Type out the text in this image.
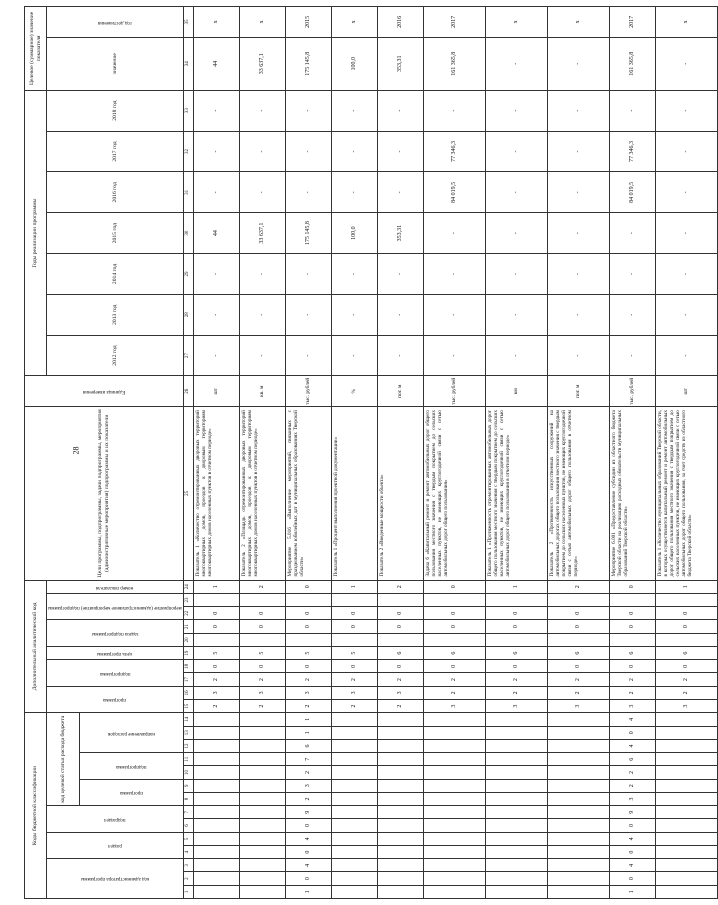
28
Коды бюджетной классификации														Дополнительный аналитический код										Цели программы, подпрограммы, задачи подпрограммы, мероприятия (административные мероприятия) подпрограммы и их показатели	Единица измерения	Годы реализации программы							Целевое (суммарное) значение показателя	

код администратора программы			раздел		подраздел		код целевой статьи расхода бюджета							программа		подпрограмма		цель программы	задача подпрограммы		мероприятие (административное мероприятие) подпрограммы		номер показателя			2012 год	2013 год	2014 год	2015 год	2016 год	2017 год	2018 год	значение	год достижения

							программа		подпрограмма		направление расходов																							

1	2	3	4	5	6	7	8	9	10	11	12	13	14	15	16	17	18	19	20	21	22	23	24	25	26	27	28	29	30	31	32	33	34	35
														2	3	2	0	5		0	0		1	Показатель 1 «Количество отремонтированных дворовых территорий многоквартирных домов, проездов к дворовым территориям многоквартирных домов населенных пунктов в отчетном периоде»	шт	-	-	-	44	-	-	-	44	х
														2	3	2	0	5		0	0		2	Показатель 2 «Площадь отремонтированных дворовых территорий многоквартирных домов, проездов к дворовым территориям многоквартирных домов населенных пунктов в отчетном периоде»	кв. м	-	-	-	33 637,1	-	-	-	33 637,1	х
1	0	4	0	4	0	9	2	3	2	7	6	1	1	2	3	2	0	5		0	0		0	Мероприятие 5.016 «Выполнение мероприятий, связанных с празднованием юбилейных дат в муниципальных образованиях Тверской области»	тыс. рублей	-	-	-	175 145,8	-	-	-	175 145,8	2015
														2	3	2	0	5		0	0		1	Показатель 1 «Процент выполнения проектной документации»	%	-	-	-	100,0	-	-	-	100,0	х
														2	3	2	0	6		0	0		2	Показатель 2 «Введенные мощности объекта»	пог. м	-	-	-	353,31	-	-	-	353,31	2016
														3	2	2	0	6		0	0		0	Задача 6 «Капитальный ремонт и ремонт автомобильных дорог общего пользования местного значения с твердым покрытием до сельских населенных пунктов, не имеющих круглогодичной связи с сетью автомобильных дорог общего пользования»	тыс. рублей	-	-	-	-	84 019,5	77 346,3	-	161 365,8	2017
														3	2	2	0	6		0	0		1	Показатель 1 «Протяженность отремонтированных автомобильных дорог общего пользования местного значения с твердым покрытием до сельских населенных пунктов, не имеющих круглогодичной связи с сетью автомобильных дорог общего пользования в отчетном периоде»	км	-	-	-	-	-	-	-	-	х
														3	2	2	0	6		0	0		2	Показатель 2 «Протяженность искусственных сооружений на автомобильных дорогах общего пользования местного значения с твердым покрытием до сельских населенных пунктов, не имеющих круглогодичной связи с сетью автомобильных дорог общего пользования в отчетном периоде»	пог. м	-	-	-	-	-	-	-	-	х
1	0	4	0	4	0	9	3	2	2	6	4	0	4	3	2	2	0	6		0	0		0	Мероприятие 6.001 «Предоставление субсидии из областного бюджета Тверской области на реализацию расходных обязательств муниципальных образований Тверской области»	тыс. рублей	-	-	-	-	84 019,5	77 346,3	-	161 365,8	2017
														3	2	2	0	6		0	0		1	Показатель 1 «Количество муниципальных образований Тверской области, в которых осуществляется капитальный ремонт и ремонт автомобильных дорог общего пользования местного значения с твердым покрытием до сельских населенных пунктов, не имеющих круглогодичной связи с сетью автомобильных дорог общего пользования, за счет средств из областного бюджета Тверской области»	шт	-	-	-	-	-	-	-	-	х
